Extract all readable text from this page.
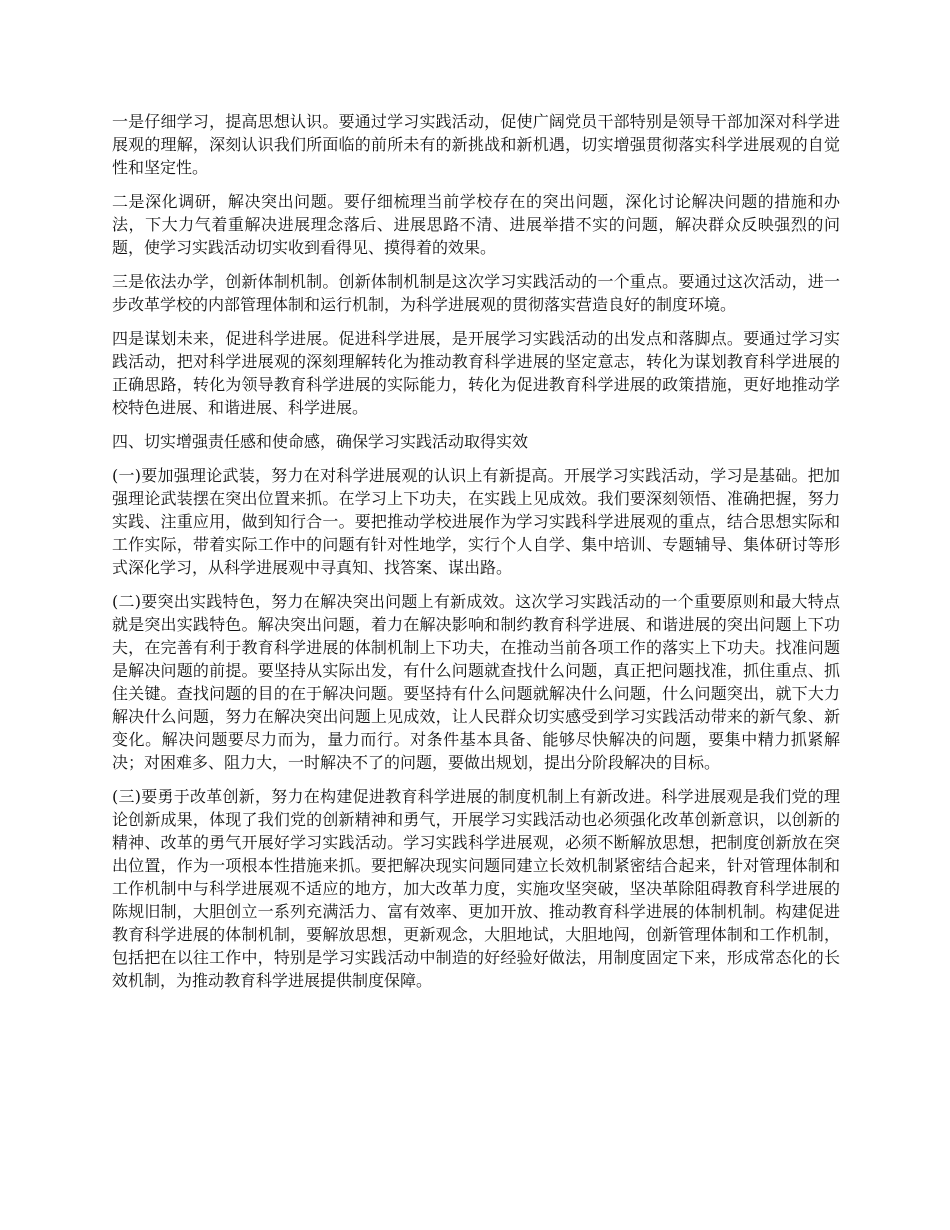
一是仔细学习，提高思想认识。要通过学习实践活动，促使广阔党员干部特别是领导干部加深对科学进展观的理解，深刻认识我们所面临的前所未有的新挑战和新机遇，切实增强贯彻落实科学进展观的自觉性和坚定性。

二是深化调研，解决突出问题。要仔细梳理当前学校存在的突出问题，深化讨论解决问题的措施和办法，下大力气着重解决进展理念落后、进展思路不清、进展举措不实的问题，解决群众反映强烈的问题，使学习实践活动切实收到看得见、摸得着的效果。

三是依法办学，创新体制机制。创新体制机制是这次学习实践活动的一个重点。要通过这次活动，进一步改革学校的内部管理体制和运行机制，为科学进展观的贯彻落实营造良好的制度环境。

四是谋划未来，促进科学进展。促进科学进展，是开展学习实践活动的出发点和落脚点。要通过学习实践活动，把对科学进展观的深刻理解转化为推动教育科学进展的坚定意志，转化为谋划教育科学进展的正确思路，转化为领导教育科学进展的实际能力，转化为促进教育科学进展的政策措施，更好地推动学校特色进展、和谐进展、科学进展。

四、切实增强责任感和使命感，确保学习实践活动取得实效

(一)要加强理论武装，努力在对科学进展观的认识上有新提高。开展学习实践活动，学习是基础。把加强理论武装摆在突出位置来抓。在学习上下功夫，在实践上见成效。我们要深刻领悟、准确把握，努力实践、注重应用，做到知行合一。要把推动学校进展作为学习实践科学进展观的重点，结合思想实际和工作实际，带着实际工作中的问题有针对性地学，实行个人自学、集中培训、专题辅导、集体研讨等形式深化学习，从科学进展观中寻真知、找答案、谋出路。

(二)要突出实践特色，努力在解决突出问题上有新成效。这次学习实践活动的一个重要原则和最大特点就是突出实践特色。解决突出问题，着力在解决影响和制约教育科学进展、和谐进展的突出问题上下功夫，在完善有利于教育科学进展的体制机制上下功夫，在推动当前各项工作的落实上下功夫。找准问题是解决问题的前提。要坚持从实际出发，有什么问题就查找什么问题，真正把问题找准，抓住重点、抓住关键。查找问题的目的在于解决问题。要坚持有什么问题就解决什么问题，什么问题突出，就下大力解决什么问题，努力在解决突出问题上见成效，让人民群众切实感受到学习实践活动带来的新气象、新变化。解决问题要尽力而为，量力而行。对条件基本具备、能够尽快解决的问题，要集中精力抓紧解决；对困难多、阻力大，一时解决不了的问题，要做出规划，提出分阶段解决的目标。

(三)要勇于改革创新，努力在构建促进教育科学进展的制度机制上有新改进。科学进展观是我们党的理论创新成果，体现了我们党的创新精神和勇气，开展学习实践活动也必须强化改革创新意识，以创新的精神、改革的勇气开展好学习实践活动。学习实践科学进展观，必须不断解放思想，把制度创新放在突出位置，作为一项根本性措施来抓。要把解决现实问题同建立长效机制紧密结合起来，针对管理体制和工作机制中与科学进展观不适应的地方，加大改革力度，实施攻坚突破，坚决革除阻碍教育科学进展的陈规旧制，大胆创立一系列充满活力、富有效率、更加开放、推动教育科学进展的体制机制。构建促进教育科学进展的体制机制，要解放思想，更新观念，大胆地试，大胆地闯，创新管理体制和工作机制，包括把在以往工作中，特别是学习实践活动中制造的好经验好做法，用制度固定下来，形成常态化的长效机制，为推动教育科学进展提供制度保障。
